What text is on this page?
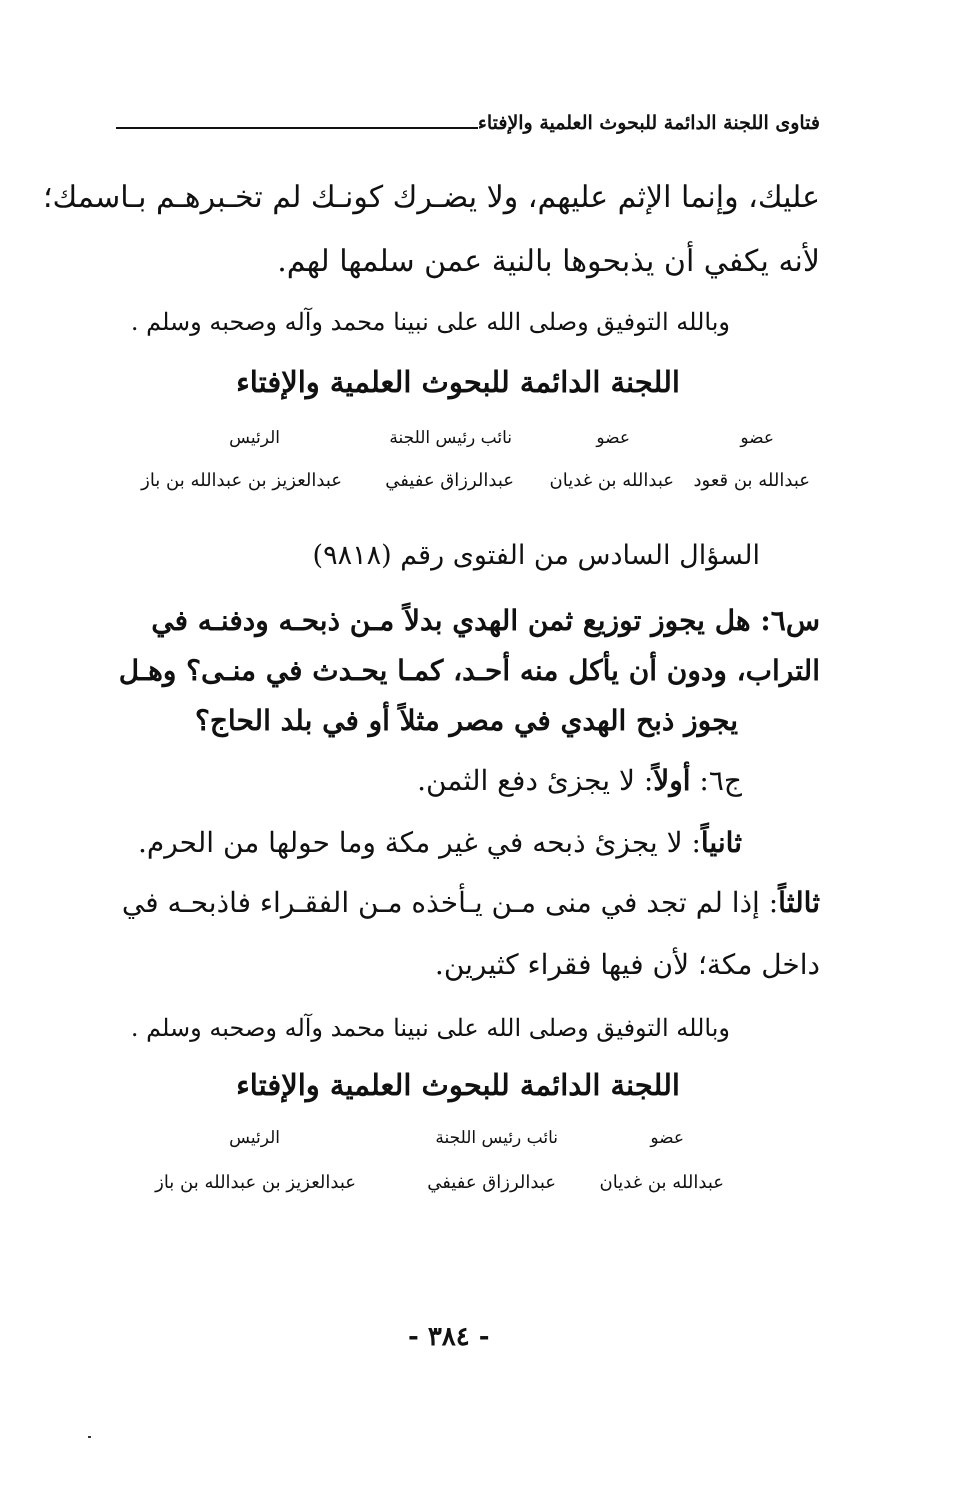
فتاوى اللجنة الدائمة للبحوث العلمية والإفتاء
عليك، وإنما الإثم عليهم، ولا يضـرك كونـك لم تخـبرهـم بـاسمك؛
لأنه يكفي أن يذبحوها بالنية عمن سلمها لهم.
وبالله التوفيق وصلى الله على نبينا محمد وآله وصحبه وسلم .
اللجنة الدائمة للبحوث العلمية والإفتاء
عضو
عضو
نائب رئيس اللجنة
الرئيس
عبدالله بن قعود
عبدالله بن غديان
عبدالرزاق عفيفي
عبدالعزيز بن عبدالله بن باز
السؤال السادس من الفتوى رقم (٩٨١٨)
س٦: هل يجوز توزيع ثمن الهدي بدلاً مـن ذبحـه ودفنـه في
التراب، ودون أن يأكل منه أحـد، كمـا يحـدث في منـى؟ وهـل
يجوز ذبح الهدي في مصر مثلاً أو في بلد الحاج؟
ج٦: أولاً: لا يجزئ دفع الثمن.
ثانياً: لا يجزئ ذبحه في غير مكة وما حولها من الحرم.
ثالثاً: إذا لم تجد في منى مـن يـأخذه مـن الفقـراء فاذبحـه في
داخل مكة؛ لأن فيها فقراء كثيرين.
وبالله التوفيق وصلى الله على نبينا محمد وآله وصحبه وسلم .
اللجنة الدائمة للبحوث العلمية والإفتاء
عضو
نائب رئيس اللجنة
الرئيس
عبدالله بن غديان
عبدالرزاق عفيفي
عبدالعزيز بن عبدالله بن باز
- ٣٨٤ -
